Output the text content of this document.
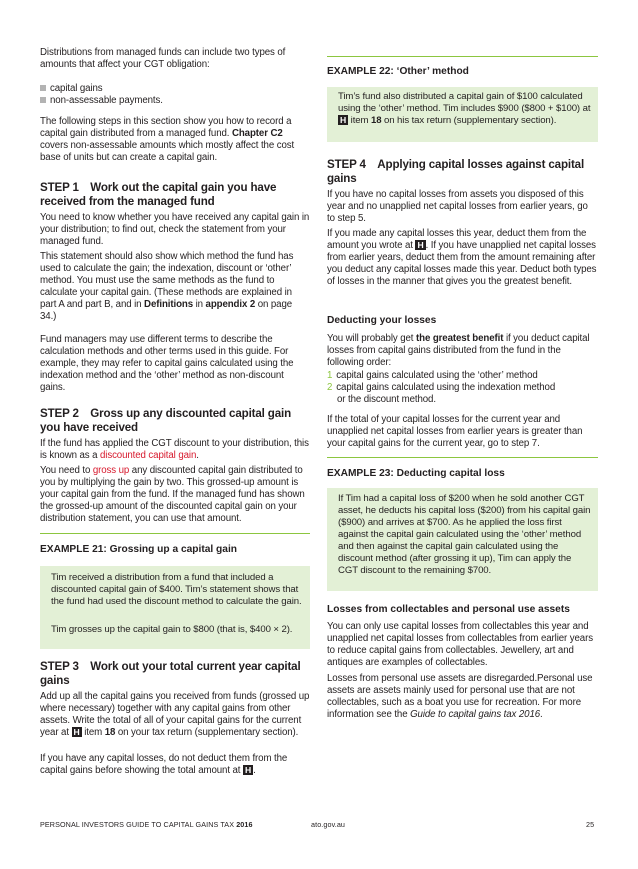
Distributions from managed funds can include two types of amounts that affect your CGT obligation:

capital gains

non-assessable payments.

The following steps in this section show you how to record a capital gain distributed from a managed fund. Chapter C2 covers non-assessable amounts which mostly affect the cost base of units but can create a capital gain.

STEP 1 Work out the capital gain you have received from the managed fund

You need to know whether you have received any capital gain in your distribution; to find out, check the statement from your managed fund.

This statement should also show which method the fund has used to calculate the gain; the indexation, discount or ‘other’ method. You must use the same methods as the fund to calculate your capital gain. (These methods are explained in part A and part B, and in Definitions in appendix 2 on page 34.)

Fund managers may use different terms to describe the calculation methods and other terms used in this guide. For example, they may refer to capital gains calculated using the indexation method and the ‘other’ method as non-discount gains.

STEP 2 Gross up any discounted capital gain you have received

If the fund has applied the CGT discount to your distribution, this is known as a discounted capital gain.

You need to gross up any discounted capital gain distributed to you by multiplying the gain by two. This grossed-up amount is your capital gain from the fund. If the managed fund has shown the grossed-up amount of the discounted capital gain on your distribution statement, you can use that amount.

EXAMPLE 21: Grossing up a capital gain

Tim received a distribution from a fund that included a discounted capital gain of $400. Tim’s statement shows that the fund had used the discount method to calculate the gain.

Tim grosses up the capital gain to $800 (that is, $400 × 2).

STEP 3 Work out your total current year capital gains

Add up all the capital gains you received from funds (grossed up where necessary) together with any capital gains from other assets. Write the total of all of your capital gains for the current year at H item 18 on your tax return (supplementary section).

If you have any capital losses, do not deduct them from the capital gains before showing the total amount at H .

EXAMPLE 22: ‘Other’ method

Tim’s fund also distributed a capital gain of $100 calculated using the ‘other’ method. Tim includes $900 ($800 + $100) at H item 18 on his tax return (supplementary section).

STEP 4 Applying capital losses against capital gains

If you have no capital losses from assets you disposed of this year and no unapplied net capital losses from earlier years, go to step 5.

If you made any capital losses this year, deduct them from the amount you wrote at H . If you have unapplied net capital losses from earlier years, deduct them from the amount remaining after you deduct any capital losses made this year. Deduct both types of losses in the manner that gives you the greatest benefit.

Deducting your losses

You will probably get the greatest benefit if you deduct capital losses from capital gains distributed from the fund in the following order:

1 capital gains calculated using the ‘other’ method

2 capital gains calculated using the indexation method

or the discount method.

If the total of your capital losses for the current year and unapplied net capital losses from earlier years is greater than your capital gains for the current year, go to step 7.

EXAMPLE 23: Deducting capital loss

If Tim had a capital loss of $200 when he sold another CGT asset, he deducts his capital loss ($200) from his capital gain ($900) and arrives at $700. As he applied the loss first against the capital gain calculated using the ‘other’ method and then against the capital gain calculated using the discount method (after grossing it up), Tim can apply the CGT discount to the remaining $700.

Losses from collectables and personal use assets

You can only use capital losses from collectables this year and unapplied net capital losses from collectables from earlier years to reduce capital gains from collectables. Jewellery, art and antiques are examples of collectables.

Losses from personal use assets are disregarded.Personal use assets are assets mainly used for personal use that are not collectables, such as a boat you use for recreation. For more information see the Guide to capital gains tax 2016.

PERSONAL INVESTORS GUIDE TO CAPITAL GAINS TAX 2016	ato.gov.au	25
